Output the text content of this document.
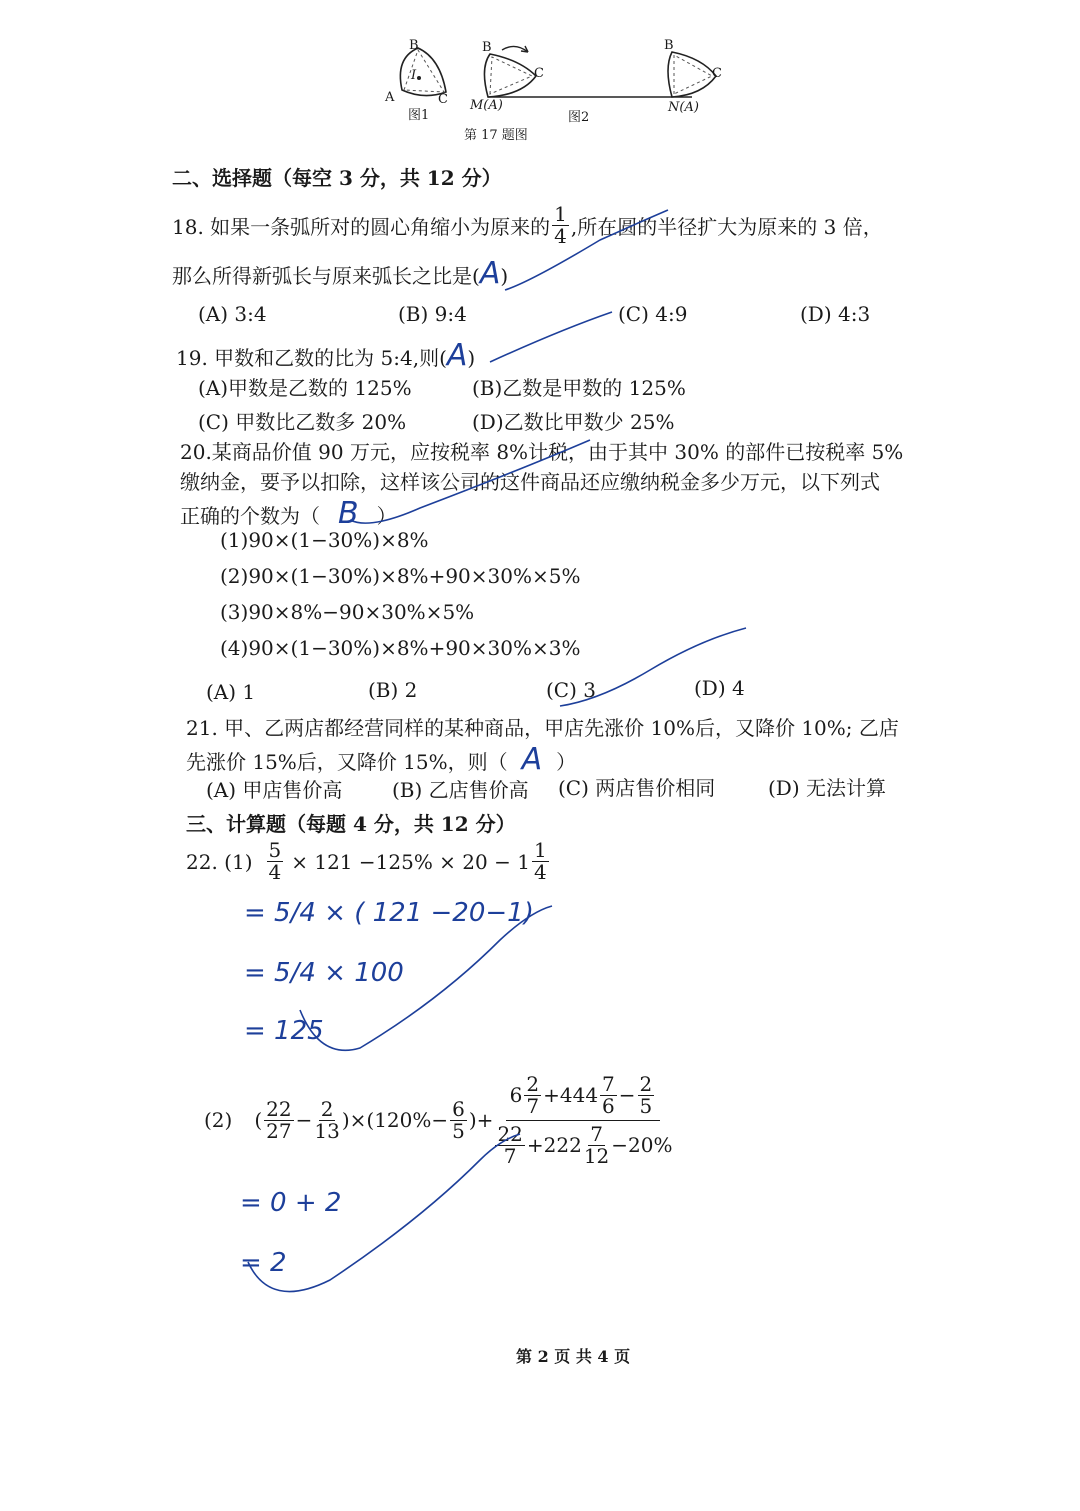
B
A	C
I
图1
B
C
M(A)
B
C
N(A)
图2
第 17 题图
二、选择题（每空 3 分，共 12 分）
18. 如果一条弧所对的圆心角缩小为原来的 $\frac{1}{4}$ ,所在圆的半径扩大为原来的 3 倍，
那么所得新弧长与原来弧长之比是(A)
(A) 3:4	(B) 9:4	(C) 4:9	(D) 4:3
19. 甲数和乙数的比为 5:4,则(A)
(A)甲数是乙数的 125%	(B)乙数是甲数的 125%
(C) 甲数比乙数多 20%	(D)乙数比甲数少 25%
20.某商品价值 90 万元，应按税率 8%计税，由于其中 30% 的部件已按税率 5%
缴纳金，要予以扣除，这样该公司的这件商品还应缴纳税金多少万元，以下列式
正确的个数为（ B ）
(1)90×(1−30%)×8%
(2)90×(1−30%)×8%+90×30%×5%
(3)90×8%−90×30%×5%
(4)90×(1−30%)×8%+90×30%×3%
(A) 1	(B) 2	(C) 3	(D) 4
21. 甲、乙两店都经营同样的某种商品，甲店先涨价 10%后，又降价 10%; 乙店
先涨价 15%后，又降价 15%，则（ A ）
(A) 甲店售价高 (B) 乙店售价高 (C) 两店售价相同	(D) 无法计算
三、计算题（每题 4 分，共 12 分）
22. $(1) \frac{5}{4} \times 121 -125\% \times 20 - 1 \frac{1}{4}$
= 5/4 × ( 121 −20−1)
= 5/4 × 100
= 125
(2) ( $\frac{22}{27} - \frac{2}{13} )\times(120\%- \frac{6}{5}$ )+
$6 \frac{2}{7} +444 \frac{7}{6} - \frac{2}{5}$
$\frac{22}{7} +222 \frac{7}{12} -20\%$
= 0 + 2
= 2
第 2 页 共 4 页
